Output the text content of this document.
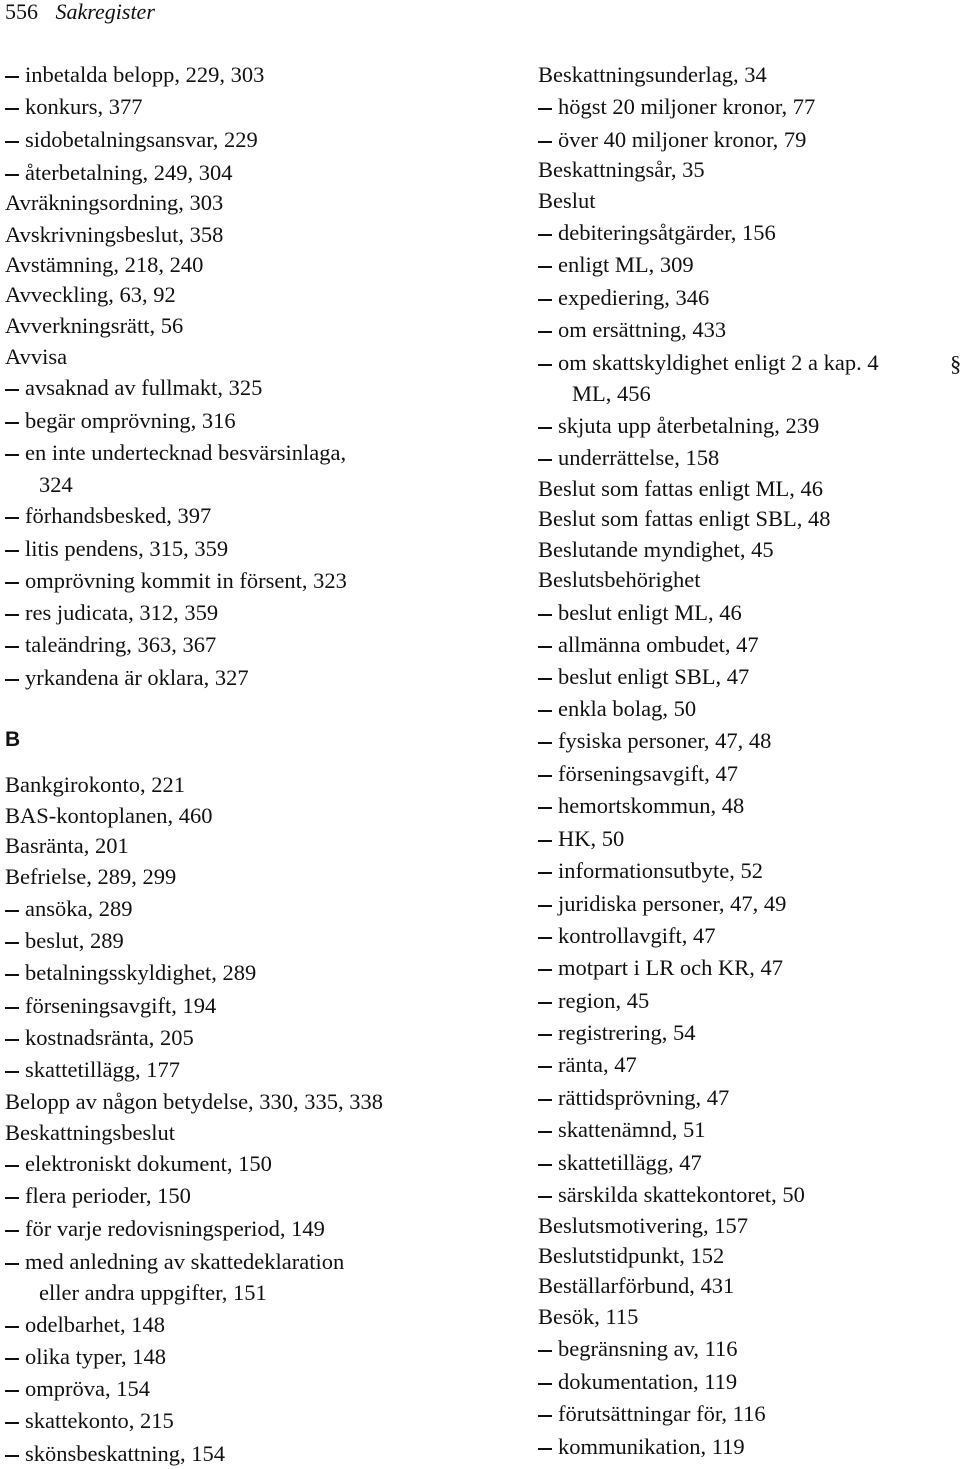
556 Sakregister
inbetalda belopp, 229, 303
konkurs, 377
sidobetalningsansvar, 229
återbetalning, 249, 304
Avräkningsordning, 303
Avskrivningsbeslut, 358
Avstämning, 218, 240
Avveckling, 63, 92
Avverkningsrätt, 56
Avvisa
avsaknad av fullmakt, 325
begär omprövning, 316
en inte undertecknad besvärsinlaga,
324
förhandsbesked, 397
litis pendens, 315, 359
omprövning kommit in försent, 323
res judicata, 312, 359
taleändring, 363, 367
yrkandena är oklara, 327
B
Bankgirokonto, 221
BAS-kontoplanen, 460
Basränta, 201
Befrielse, 289, 299
ansöka, 289
beslut, 289
betalningsskyldighet, 289
förseningsavgift, 194
kostnadsränta, 205
skattetillägg, 177
Belopp av någon betydelse, 330, 335, 338
Beskattningsbeslut
elektroniskt dokument, 150
flera perioder, 150
för varje redovisningsperiod, 149
med anledning av skattedeklaration
eller andra uppgifter, 151
odelbarhet, 148
olika typer, 148
ompröva, 154
skattekonto, 215
skönsbeskattning, 154
§
Beskattningsunderlag, 34
högst 20 miljoner kronor, 77
över 40 miljoner kronor, 79
Beskattningsår, 35
Beslut
debiteringsåtgärder, 156
enligt ML, 309
expediering, 346
om ersättning, 433
om skattskyldighet enligt 2 a kap. 4
ML, 456
skjuta upp återbetalning, 239
underrättelse, 158
Beslut som fattas enligt ML, 46
Beslut som fattas enligt SBL, 48
Beslutande myndighet, 45
Beslutsbehörighet
beslut enligt ML, 46
allmänna ombudet, 47
beslut enligt SBL, 47
enkla bolag, 50
fysiska personer, 47, 48
förseningsavgift, 47
hemortskommun, 48
HK, 50
informationsutbyte, 52
juridiska personer, 47, 49
kontrollavgift, 47
motpart i LR och KR, 47
region, 45
registrering, 54
ränta, 47
rättidsprövning, 47
skattenämnd, 51
skattetillägg, 47
särskilda skattekontoret, 50
Beslutsmotivering, 157
Beslutstidpunkt, 152
Beställarförbund, 431
Besök, 115
begränsning av, 116
dokumentation, 119
förutsättningar för, 116
kommunikation, 119
